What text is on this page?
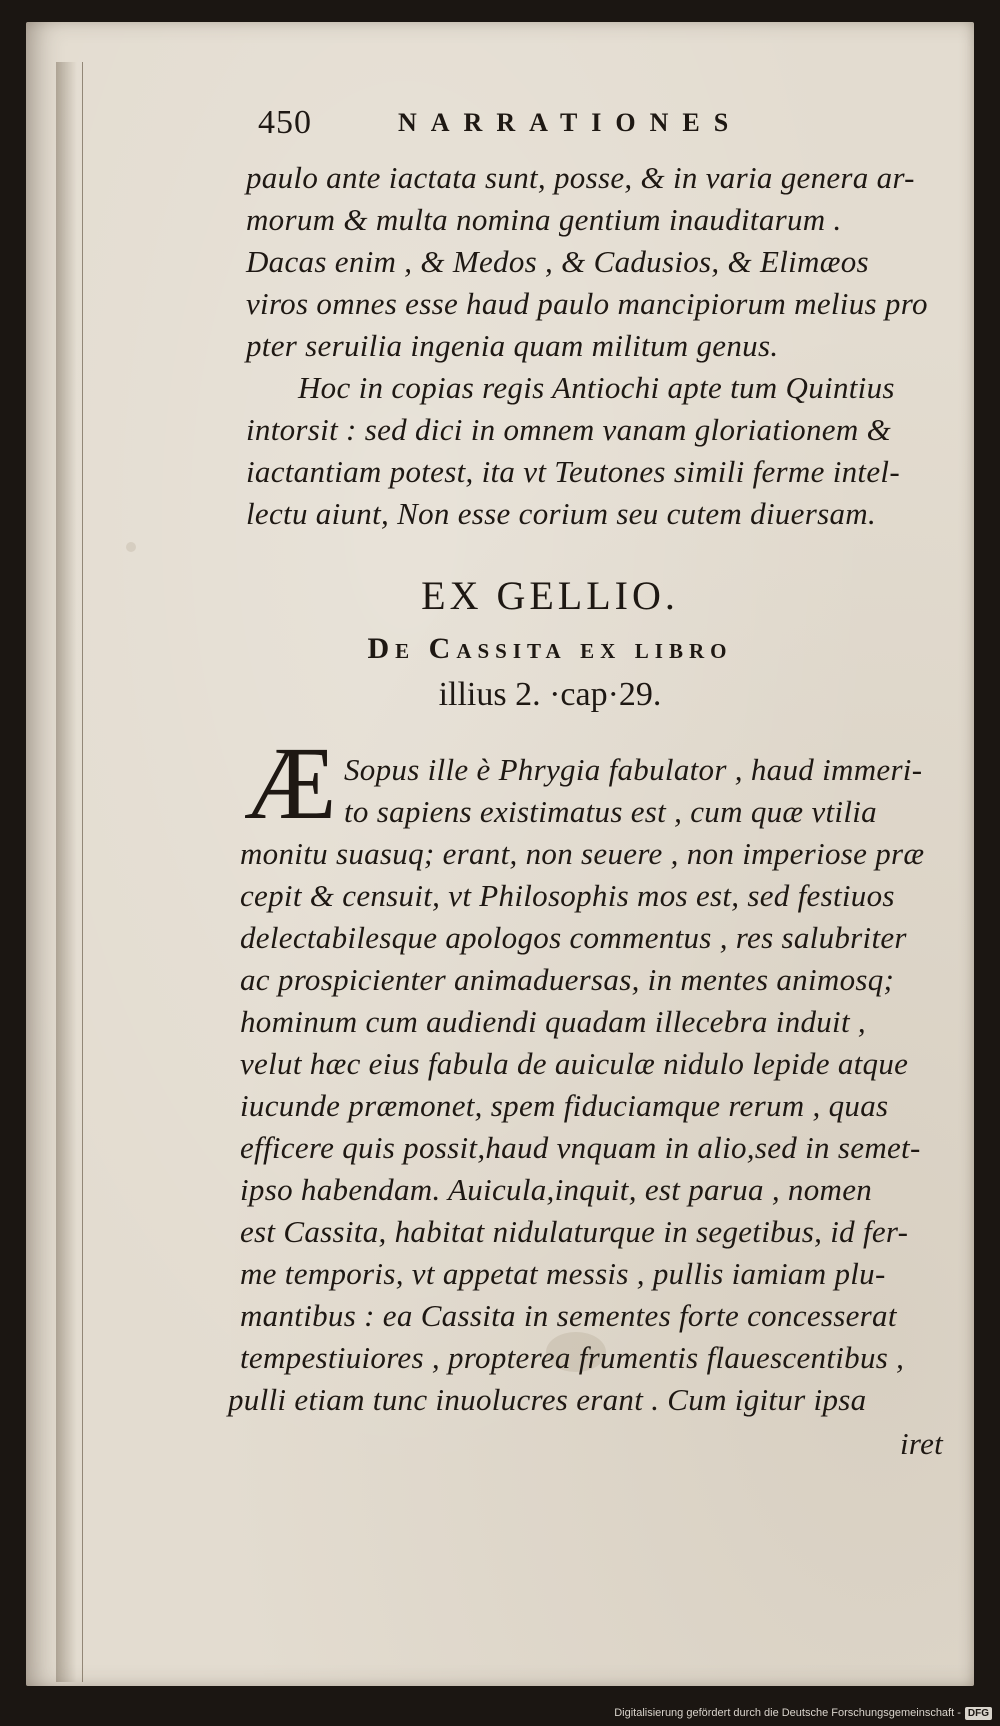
450	NARRATIONES
paulo ante iactata sunt, posse, & in varia genera ar-
morum & multa nomina gentium inauditarum .
Dacas enim , & Medos , & Cadusios, & Elimæos
viros omnes esse haud paulo mancipiorum melius pro
pter seruilia ingenia quam militum genus.
Hoc in copias regis Antiochi apte tum Quintius
intorsit : sed dici in omnem vanam gloriationem &
iactantiam potest, ita vt Teutones simili ferme intel-
lectu aiunt, Non esse corium seu cutem diuersam.
EX GELLIO.
De Cassita ex libro
illius 2. ·cap·29.
Æ Sopus ille è Phrygia fabulator , haud immeri-
to sapiens existimatus est , cum quæ vtilia
monitu suasuq; erant, non seuere , non imperiose præ
cepit & censuit, vt Philosophis mos est, sed festiuos
delectabilesque apologos commentus , res salubriter
ac prospicienter animaduersas, in mentes animosq;
hominum cum audiendi quadam illecebra induit ,
velut hæc eius fabula de auiculæ nidulo lepide atque
iucunde præmonet, spem fiduciamque rerum , quas
efficere quis possit,haud vnquam in alio,sed in semet-
ipso habendam. Auicula,inquit, est parua , nomen
est Cassita, habitat nidulaturque in segetibus, id fer-
me temporis, vt appetat messis , pullis iamiam plu-
mantibus : ea Cassita in sementes forte concesserat
tempestiuiores , propterea frumentis flauescentibus ,
pulli etiam tunc inuolucres erant . Cum igitur ipsa
iret
Digitalisierung gefördert durch die Deutsche Forschungsgemeinschaft - DFG
